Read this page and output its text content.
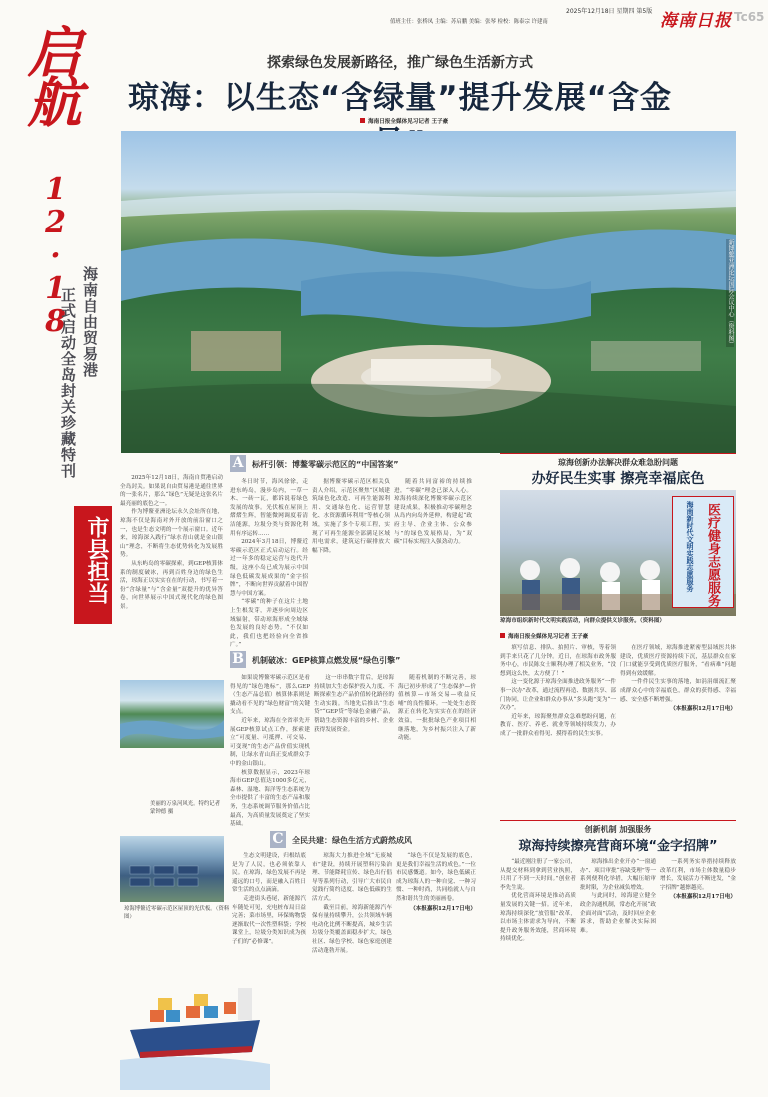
2025年12月18日 星期四 第5版
值班主任：张桥凤 主编：苏启鹏 美编：张琴 检校：陈泰宗 许建南	海南日报 Tc65
启航
12·18 海南自由贸易港
正式启动全岛封关珍藏特刊
探索绿色发展新路径，推广绿色生活新方式
琼海：以生态“含绿量”提升发展“含金
海南日报全媒体见习记者 王子豪
新博鳌亚洲论坛国际会议中心（资料图）

2025年12月18日，海南自贸港启动全岛封关。如果说自由贸易港是通往世界的一张名片，那么“绿色”无疑是这张名片最亮丽的底色之一。

作为博鳌亚洲论坛永久会址所在地，琼海不仅是海南对外开放的前沿窗口之一，也是生态文明的一个展示窗口。近年来，琼海深入践行“绿水青山就是金山银山”理念，不断将生态优势转化为发展胜势。

从东屿岛的零碳探索，到GEP核算体系的制度破冰，再到百姓身边的绿色生活，琼海正以实实在在的行动，书写着一份“含绿量”与“含金量”双提升的优异答卷，向世界展示中国式现代化的绿色图景。

市县担当
A	标杆引领：博鳌零碳示范区的“中国答案”

冬日时节，海风徐徐，走进东屿岛，漫步岛内，一草一木、一砖一瓦，都诉说着绿色发展的故事。光伏板在屋顶上熠熠生辉，智能微网调度着清洁能源，垃圾分类与资源化利用有序运转……

2024年3月18日，博鳌近零碳示范区正式启动运行。经过一年多的稳定运营与迭代升级，这座小岛已成为展示中国绿色低碳发展成果的“金字招牌”，不断向世界贡献着中国智慧与中国方案。

“零碳”的种子在这片土地上生根发芽，并逐步向周边区域辐射，带动琼海形成全域绿色发展的良好态势。“不仅如此，我们也把经验向全省推广。”

据博鳌零碳示范区相关负责人介绍，示范区聚焦“区域建筑绿色化改造、可再生能源利用、交通绿色化、运营智慧化、水资源循环利用”等核心领域，实施了多个专项工程，实现了可再生能源全部满足区域用电需求，建筑运行碳排放大幅下降。

随着共同富裕的持续推进，“零碳”理念已深入人心。琼海持续深化博鳌零碳示范区建设成果，积极推动零碳理念从岛内向岛外延伸，构建起“政府主导、企业主体、公众参与”的绿色发展格局，为“双碳”目标实现注入强劲动力。

B 机制破冰：GEP核算点燃发展“绿色引擎”

如果说博鳌零碳示范区是看得见的“绿色地标”，那么GEP（生态产品总值）核算体系则是撬动看不见的“绿色财富”的关键支点。

近年来，琼海在全省率先开展GEP核算试点工作，探索建立“可度量、可抵押、可交易、可变现”的生态产品价值实现机制，让绿水青山真正变成群众手中的金山银山。

核算数据显示，2023年琼海市GEP总值达1000多亿元，森林、湿地、海洋等生态系统为全市提供了丰富的生态产品和服务，生态系统调节服务价值占比最高，为高质量发展奠定了坚实基础。

这一串串数字背后，是琼海持续加大生态保护投入力度、不断探索生态产品价值转化路径的生动实践。当地先后推出“生态贷”“GEP贷”等绿色金融产品，帮助生态资源丰富的乡村、企业获得发展资金。

随着机制的不断完善，琼海已初步形成了“生态保护—价值核算—市场交易—收益反哺”的良性循环。一处处生态资源正在转化为实实在在的经济效益，一批批绿色产业项目相继落地，为乡村振兴注入了新动能。

美丽的万泉河风光。特约记者 蒙钟德 摄
琼海博鳌近零碳示范区屋顶的光伏板。（资料图）
C	全民共建：绿色生活方式蔚然成风

生态文明建设，归根结底是为了人民，也必须依靠人民。在琼海，绿色发展不再是遥远的口号，而是融入百姓日常生活的点点滴滴。

走进街头巷尾，新能源汽车随处可见，充电桩布局日益完善；菜市场里，环保购物袋逐渐取代一次性塑料袋；学校课堂上，垃圾分类知识成为孩子们的“必修课”。

琼海大力推进全域“无废城市”建设，持续开展塑料污染治理、节能降耗宣传、绿色出行倡导等系列行动，引导广大市民自觉践行简约适度、绿色低碳的生活方式。

截至目前，琼海新能源汽车保有量持续攀升，公共领域车辆电动化比例不断提高，城乡生活垃圾分类覆盖面稳步扩大，绿色社区、绿色学校、绿色家庭创建活动蓬勃开展。

“绿色不仅是发展的底色，更是我们幸福生活的成色。”一位市民感慨道。如今，绿色低碳正成为琼海人的一种自觉、一种习惯、一种时尚，共同绘就人与自然和谐共生的美丽画卷。

（本报嘉积12月17日电）

琼海创新办法解决群众难急盼问题
办好民生实事 擦亮幸福底色
医疗健身志愿服务
海南新时代文明实践志愿服务
琼海市组织新时代文明实践活动，向群众提供义诊服务。（资料图）
海南日报全媒体见习记者 王子豪

填写信息、排队、拍照片、审核，等着领到手来只花了几分钟。近日，在琼海市政务服务中心，市民陈女士顺利办理了相关业务，“没想到这么快，太方便了！”

这一变化源于琼海全面推进政务服务“一件事一次办”改革，通过流程再造、数据共享、部门协同，让企业和群众办事从“多头跑”变为“一次办”。

近年来，琼海聚焦群众急难愁盼问题，在教育、医疗、养老、就业等领域持续发力，办成了一批群众看得见、摸得着的民生实事。

在医疗领域，琼海推进紧密型县域医共体建设，优质医疗资源持续下沉，基层群众在家门口就能享受到优质医疗服务，“看病难”问题得到有效缓解。

一件件民生实事的落地，如涓涓细流汇聚成群众心中的幸福底色，群众的获得感、幸福感、安全感不断增强。

（本报嘉积12月17日电）

创新机制 加强服务
琼海持续擦亮营商环境“金字招牌”

“最近刚注册了一家公司，从提交材料到拿到营业执照，只用了不到一天时间。”创业者李先生说。

优化营商环境是推动高质量发展的关键一招。近年来，琼海持续深化“放管服”改革，以市场主体需求为导向，不断提升政务服务效能，营商环境持续优化。

琼海推出企业开办“一窗通办”、项目审批“容缺受理”等一系列便利化举措，大幅压缩审批时限，为企业减负增效。

与此同时，琼海建立健全政企沟通机制，常态化开展“政企面对面”活动，及时回应企业诉求，帮助企业解决实际困难。

一系列务实举措持续释放改革红利，市场主体数量稳步增长，发展活力不断迸发，“金字招牌”越擦越亮。

（本报嘉积12月17日电）
